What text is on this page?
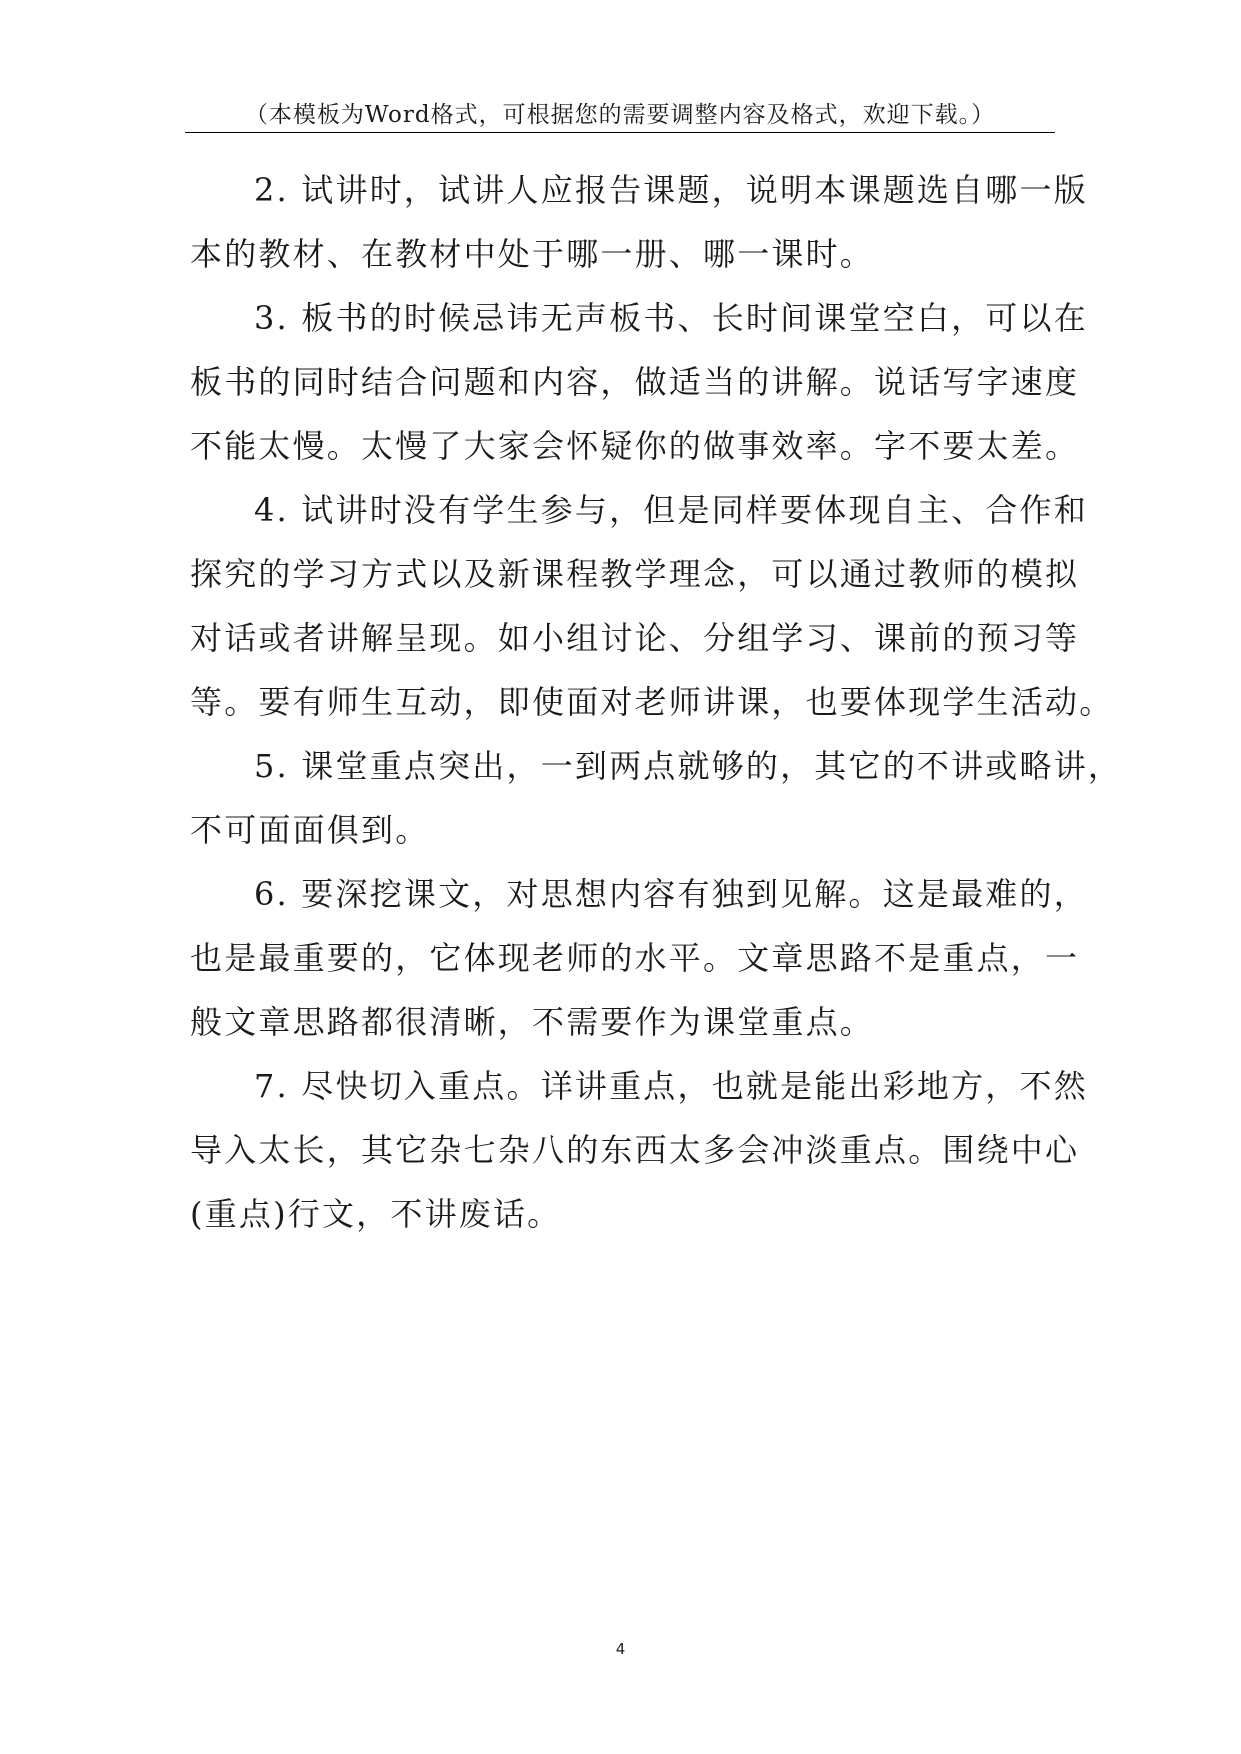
（本模板为Word格式，可根据您的需要调整内容及格式，欢迎下载。）
2. 试讲时，试讲人应报告课题，说明本课题选自哪一版
本的教材、在教材中处于哪一册、哪一课时。
3. 板书的时候忌讳无声板书、长时间课堂空白，可以在
板书的同时结合问题和内容，做适当的讲解。说话写字速度
不能太慢。太慢了大家会怀疑你的做事效率。字不要太差。
4. 试讲时没有学生参与，但是同样要体现自主、合作和
探究的学习方式以及新课程教学理念，可以通过教师的模拟
对话或者讲解呈现。如小组讨论、分组学习、课前的预习等
等。要有师生互动，即使面对老师讲课，也要体现学生活动。
5. 课堂重点突出，一到两点就够的，其它的不讲或略讲，
不可面面俱到。
6. 要深挖课文，对思想内容有独到见解。这是最难的，
也是最重要的，它体现老师的水平。文章思路不是重点，一
般文章思路都很清晰，不需要作为课堂重点。
7. 尽快切入重点。详讲重点，也就是能出彩地方，不然
导入太长，其它杂七杂八的东西太多会冲淡重点。围绕中心
(重点)行文，不讲废话。
4
